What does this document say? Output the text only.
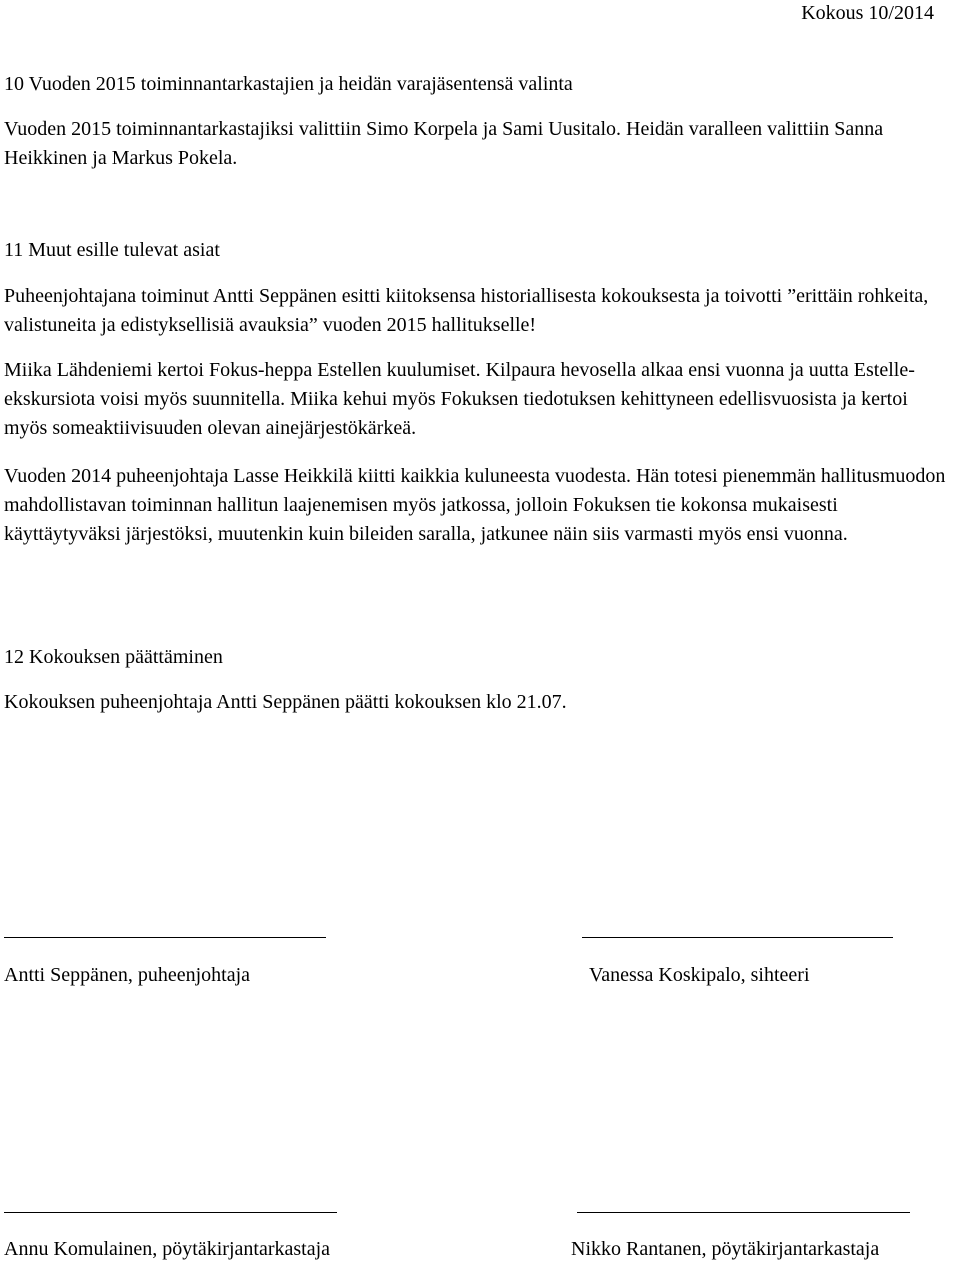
Kokous 10/2014
10 Vuoden 2015 toiminnantarkastajien ja heidän varajäsentensä valinta

Vuoden 2015 toiminnantarkastajiksi valittiin Simo Korpela ja Sami Uusitalo. Heidän varalleen valittiin Sanna Heikkinen ja Markus Pokela.

11 Muut esille tulevat asiat

Puheenjohtajana toiminut Antti Seppänen esitti kiitoksensa historiallisesta kokouksesta ja toivotti ”erittäin rohkeita, valistuneita ja edistyksellisiä avauksia” vuoden 2015 hallitukselle!

Miika Lähdeniemi kertoi Fokus-heppa Estellen kuulumiset. Kilpaura hevosella alkaa ensi vuonna ja uutta Estelle-ekskursiota voisi myös suunnitella. Miika kehui myös Fokuksen tiedotuksen kehittyneen edellisvuosista ja kertoi myös someaktiivisuuden olevan ainejärjestökärkeä.

Vuoden 2014 puheenjohtaja Lasse Heikkilä kiitti kaikkia kuluneesta vuodesta. Hän totesi pienemmän hallitusmuodon mahdollistavan toiminnan hallitun laajenemisen myös jatkossa, jolloin Fokuksen tie kokonsa mukaisesti käyttäytyväksi järjestöksi, muutenkin kuin bileiden saralla, jatkunee näin siis varmasti myös ensi vuonna.

12 Kokouksen päättäminen

Kokouksen puheenjohtaja Antti Seppänen päätti kokouksen klo 21.07.

Antti Seppänen, puheenjohtaja	Vanessa Koskipalo, sihteeri
Annu Komulainen, pöytäkirjantarkastaja	Nikko Rantanen, pöytäkirjantarkastaja
